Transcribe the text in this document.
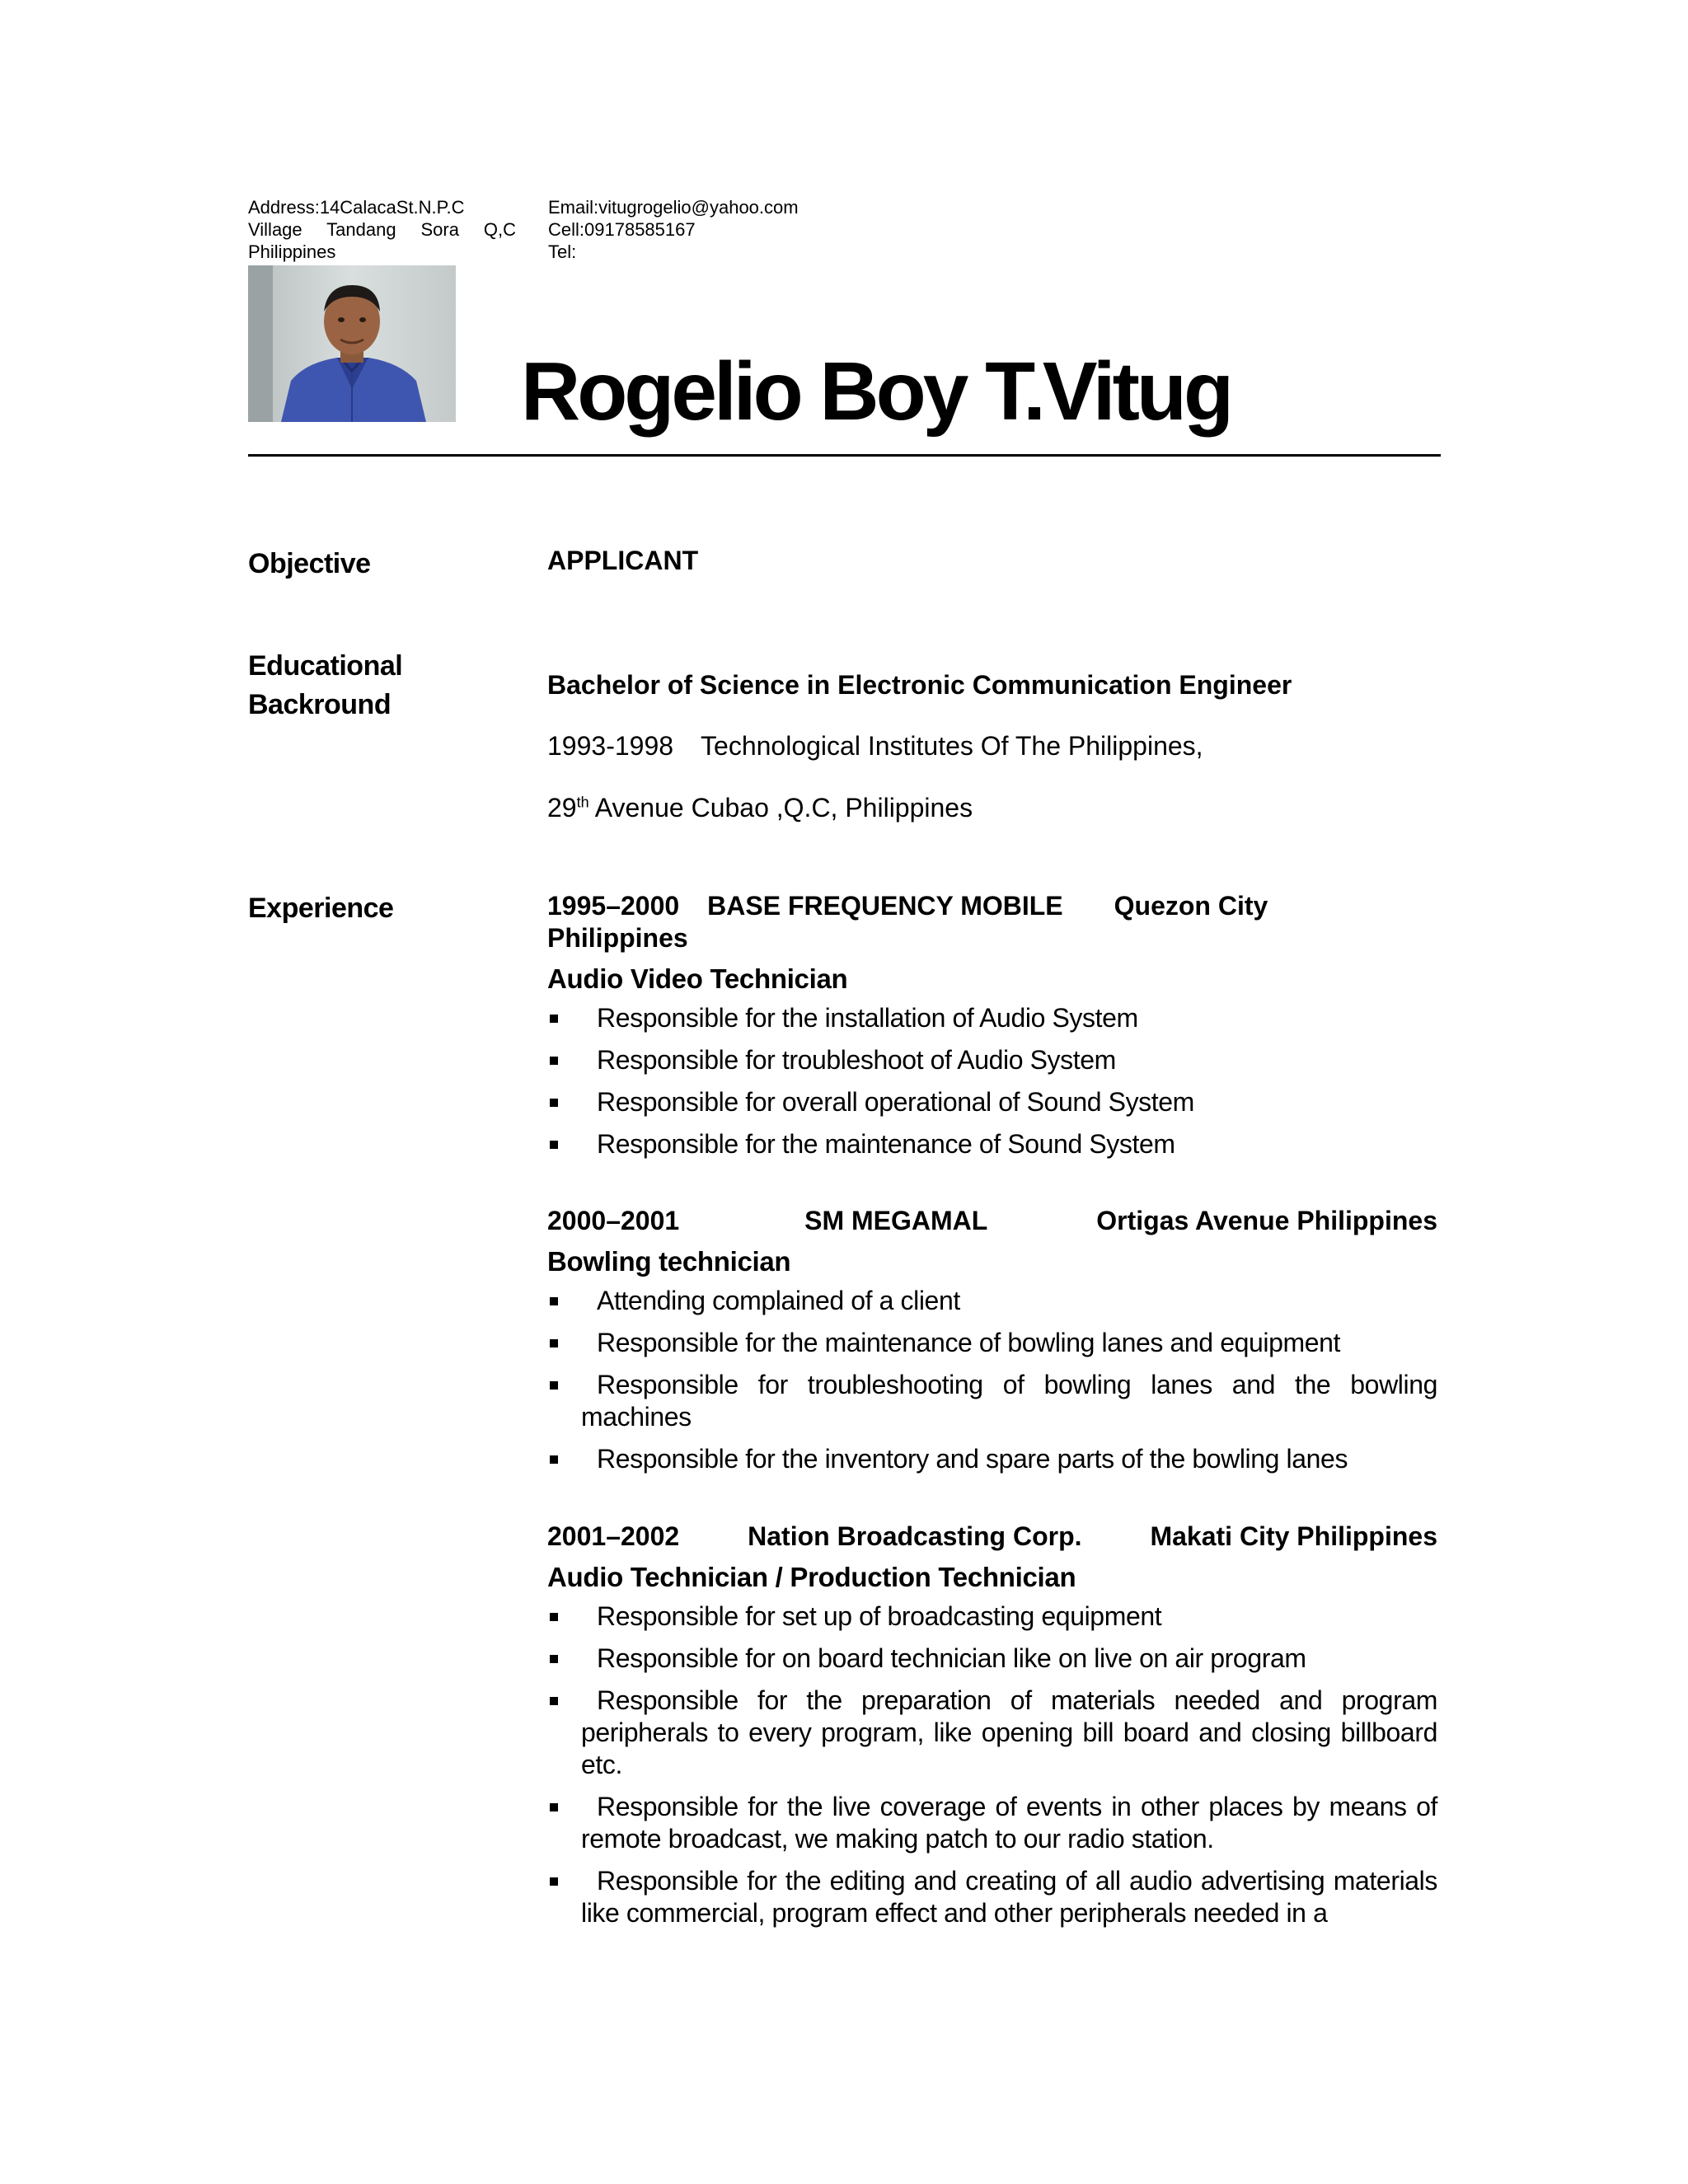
Address:14CalacaSt.N.P.C
Village Tandang Sora Q,C
Philippines
Email:vitugrogelio@yahoo.com
Cell:09178585167
Tel:
Rogelio Boy T.Vitug
Objective	APPLICANT
Educational
Backround
Bachelor of Science in Electronic Communication Engineer
1993-1998 Technological Institutes Of The Philippines,
29th Avenue Cubao ,Q.C, Philippines
Experience	1995–2000 BASE FREQUENCY MOBILE Quezon City
Philippines
Audio Video Technician
Responsible for the installation of Audio System
Responsible for troubleshoot of Audio System
Responsible for overall operational of Sound System
Responsible for the maintenance of Sound System
2000–2001	SM MEGAMAL	Ortigas Avenue Philippines
Bowling technician
Attending complained of a client
Responsible for the maintenance of bowling lanes and equipment
Responsible for troubleshooting of bowling lanes and the bowling machines
Responsible for the inventory and spare parts of the bowling lanes
2001–2002	Nation Broadcasting Corp.	Makati City Philippines
Audio Technician / Production Technician
Responsible for set up of broadcasting equipment
Responsible for on board technician like on live on air program
Responsible for the preparation of materials needed and program peripherals to every program, like opening bill board and closing billboard etc.
Responsible for the live coverage of events in other places by means of remote broadcast, we making patch to our radio station.
Responsible for the editing and creating of all audio advertising materials like commercial, program effect and other peripherals needed in a
